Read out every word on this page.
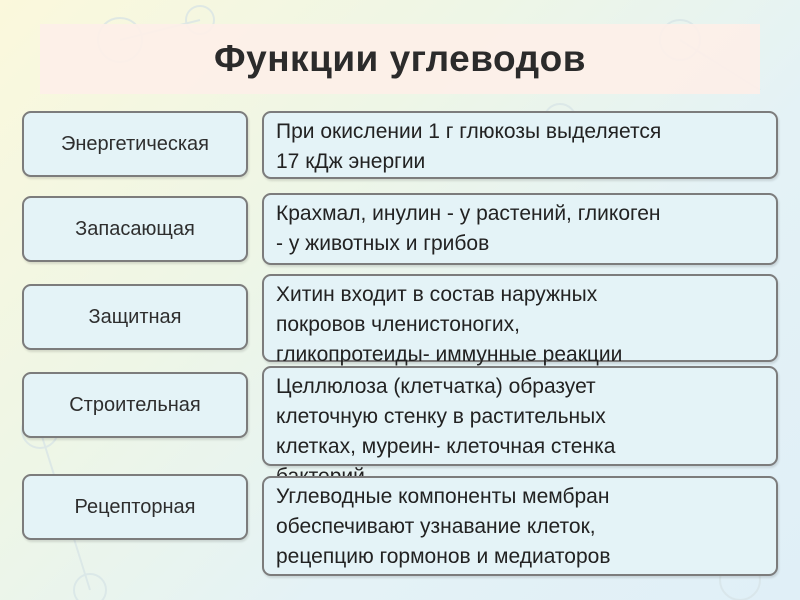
Функции углеводов
Энергетическая
При окислении 1 г глюкозы выделяется
17 кДж энергии
Запасающая
Крахмал, инулин - у растений, гликоген
- у животных и грибов
Защитная
Хитин входит в состав наружных
покровов членистоногих,
гликопротеиды- иммунные реакции
Строительная
Целлюлоза (клетчатка) образует
клеточную стенку в растительных
клетках, муреин- клеточная стенка

Рецепторная	Углеводные компоненты мембран
обеспечивают узнавание клеток,
рецепцию гормонов и медиаторов
